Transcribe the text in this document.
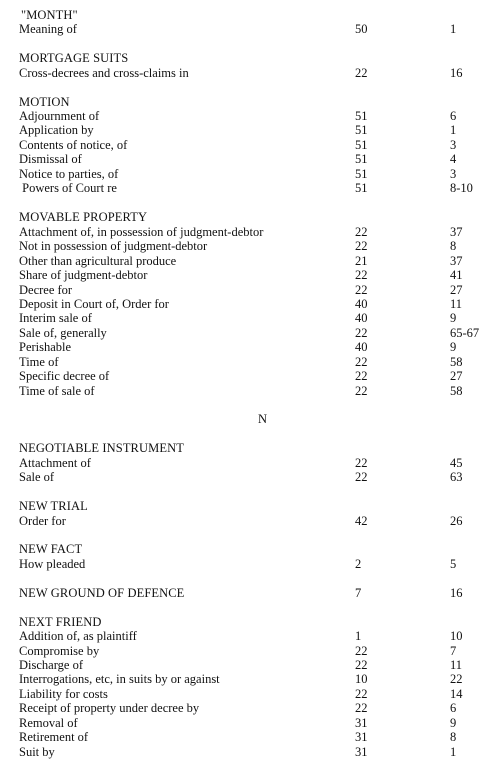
"MONTH"
Meaning of	50	1
MORTGAGE SUITS
Cross-decrees and cross-claims in	22	16
MOTION
Adjournment of	51	6
Application by	51	1
Contents of notice, of	51	3
Dismissal of	51	4
Notice to parties, of	51	3
Powers of Court re	51	8-10
MOVABLE PROPERTY
Attachment of, in possession of judgment-debtor	22	37
Not in possession of judgment-debtor	22	8
Other than agricultural produce	21	37
Share of judgment-debtor	22	41
Decree for	22	27
Deposit in Court of, Order for	40	11
Interim sale of	40	9
Sale of, generally	22	65-67
Perishable	40	9
Time of	22	58
Specific decree of	22	27
Time of sale of	22	58
N
NEGOTIABLE INSTRUMENT
Attachment of	22	45
Sale of	22	63
NEW TRIAL
Order for	42	26
NEW FACT
How pleaded	2	5
NEW GROUND OF DEFENCE	7	16
NEXT FRIEND
Addition of, as plaintiff	1	10
Compromise by	22	7
Discharge of	22	11
Interrogations, etc, in suits by or against	10	22
Liability for costs	22	14
Receipt of property under decree by	22	6
Removal of	31	9
Retirement of	31	8
Suit by	31	1
